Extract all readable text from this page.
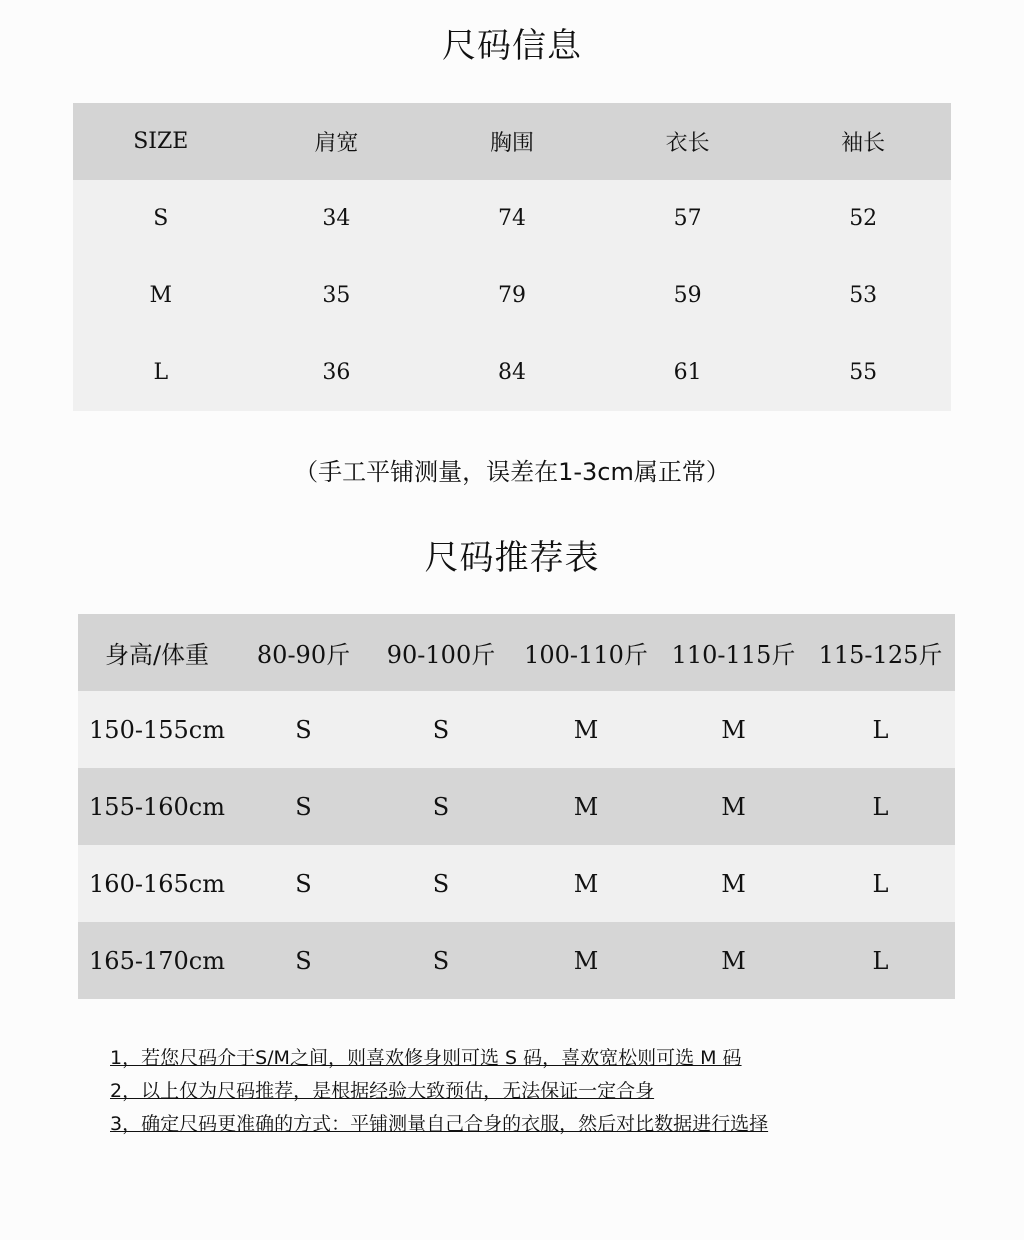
尺码信息
SIZE	肩宽	胸围	衣长	袖长
S	34	74	57	52
M	35	79	59	53
L	36	84	61	55
（手工平铺测量，误差在1-3cm属正常）
尺码推荐表
身高/体重	80-90斤	90-100斤	100-110斤	110-115斤	115-125斤
150-155cm	S	S	M	M	L
155-160cm	S	S	M	M	L
160-165cm	S	S	M	M	L
165-170cm	S	S	M	M	L
1，若您尺码介于S/M之间，则喜欢修身则可选 S 码，喜欢宽松则可选 M 码
2，以上仅为尺码推荐，是根据经验大致预估，无法保证一定合身
3，确定尺码更准确的方式：平铺测量自己合身的衣服，然后对比数据进行选择
